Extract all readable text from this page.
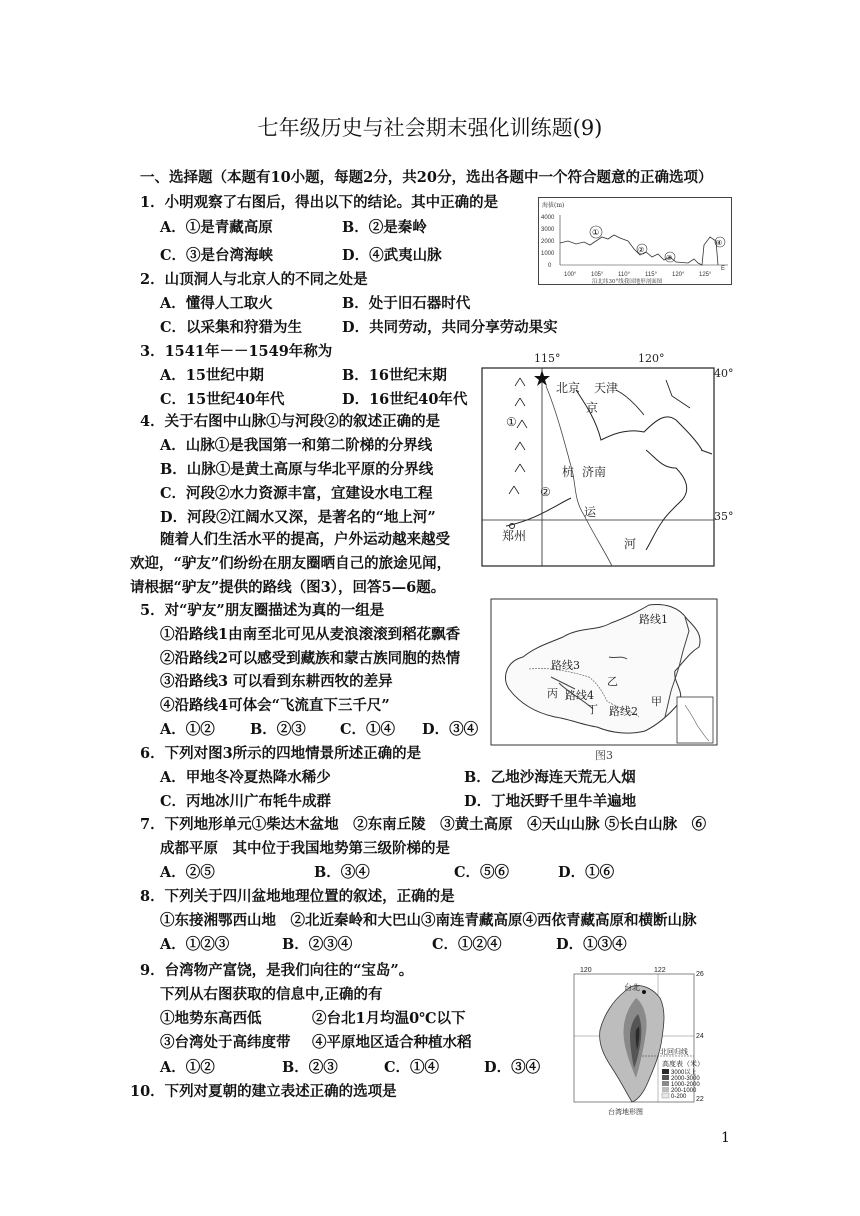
七年级历史与社会期末强化训练题(9)
一、选择题（本题有10小题，每题2分，共20分，选出各题中一个符合题意的正确选项）
1．小明观察了右图后，得出以下的结论。其中正确的是
A．①是青藏高原	B．②是秦岭
C．③是台湾海峡	D．④武夷山脉
海拔(m)
4000
3000
2000
1000
0
100° 105° 110°	115°	120° 125°
E
①
②
③
④
沿北纬30°线我国地形剖面图
2．山顶洞人与北京人的不同之处是
A．懂得人工取火	B．处于旧石器时代
C．以采集和狩猎为生	D．共同劳动，共同分享劳动果实
3．1541年－－1549年称为
A．15世纪中期	B．16世纪末期
C．15世纪40年代	D．16世纪40年代
115°	120°
40°
35°
北京 天津
京
杭 济南
运
河
郑州
①
②
4．关于右图中山脉①与河段②的叙述正确的是
A．山脉①是我国第一和第二阶梯的分界线
B．山脉①是黄土高原与华北平原的分界线
C．河段②水力资源丰富，宜建设水电工程
D．河段②江阔水又深，是著名的“地上河”
随着人们生活水平的提高，户外运动越来越受
欢迎，“驴友”们纷纷在朋友圈晒自己的旅途见闻，
请根据“驴友”提供的路线（图3），回答5—6题。
5．对“驴友”朋友圈描述为真的一组是
①沿路线1由南至北可见从麦浪滚滚到稻花飘香
②沿路线2可以感受到藏族和蒙古族同胞的热情
③沿路线3 可以看到东耕西牧的差异
④沿路线4可体会“飞流直下三千尺”
A．①② B．②③ C．①④ D．③④
路线1
路线2
路线3
路线4	甲
乙
丙
丁
图3
6．下列对图3所示的四地情景所述正确的是
A．甲地冬冷夏热降水稀少	B．乙地沙海连天荒无人烟
C．丙地冰川广布牦牛成群	D．丁地沃野千里牛羊遍地
7．下列地形单元①柴达木盆地　②东南丘陵　③黄土高原　④天山山脉 ⑤长白山脉　⑥
成都平原　其中位于我国地势第三级阶梯的是
A．②⑤	B．③④	C．⑤⑥	D．①⑥
8．下列关于四川盆地地理位置的叙述，正确的是
①东接湘鄂西山地　②北近秦岭和大巴山③南连青藏高原④西依青藏高原和横断山脉
A．①②③	B．②③④	C．①②④	D．①③④
9．台湾物产富饶，是我们向往的“宝岛”。
下列从右图获取的信息中,正确的有
①地势东高西低	②台北1月均温0℃以下
③台湾处于高纬度带 ④平原地区适合种植水稻
A．①②	B．②③	C．①④	D．③④
120	122
26
24
22
台北
北回归线
高度表（米）
3000以上
2000-3000
1000-2000
200-1000
0-200
台湾地形图
10．下列对夏朝的建立表述正确的选项是
1
